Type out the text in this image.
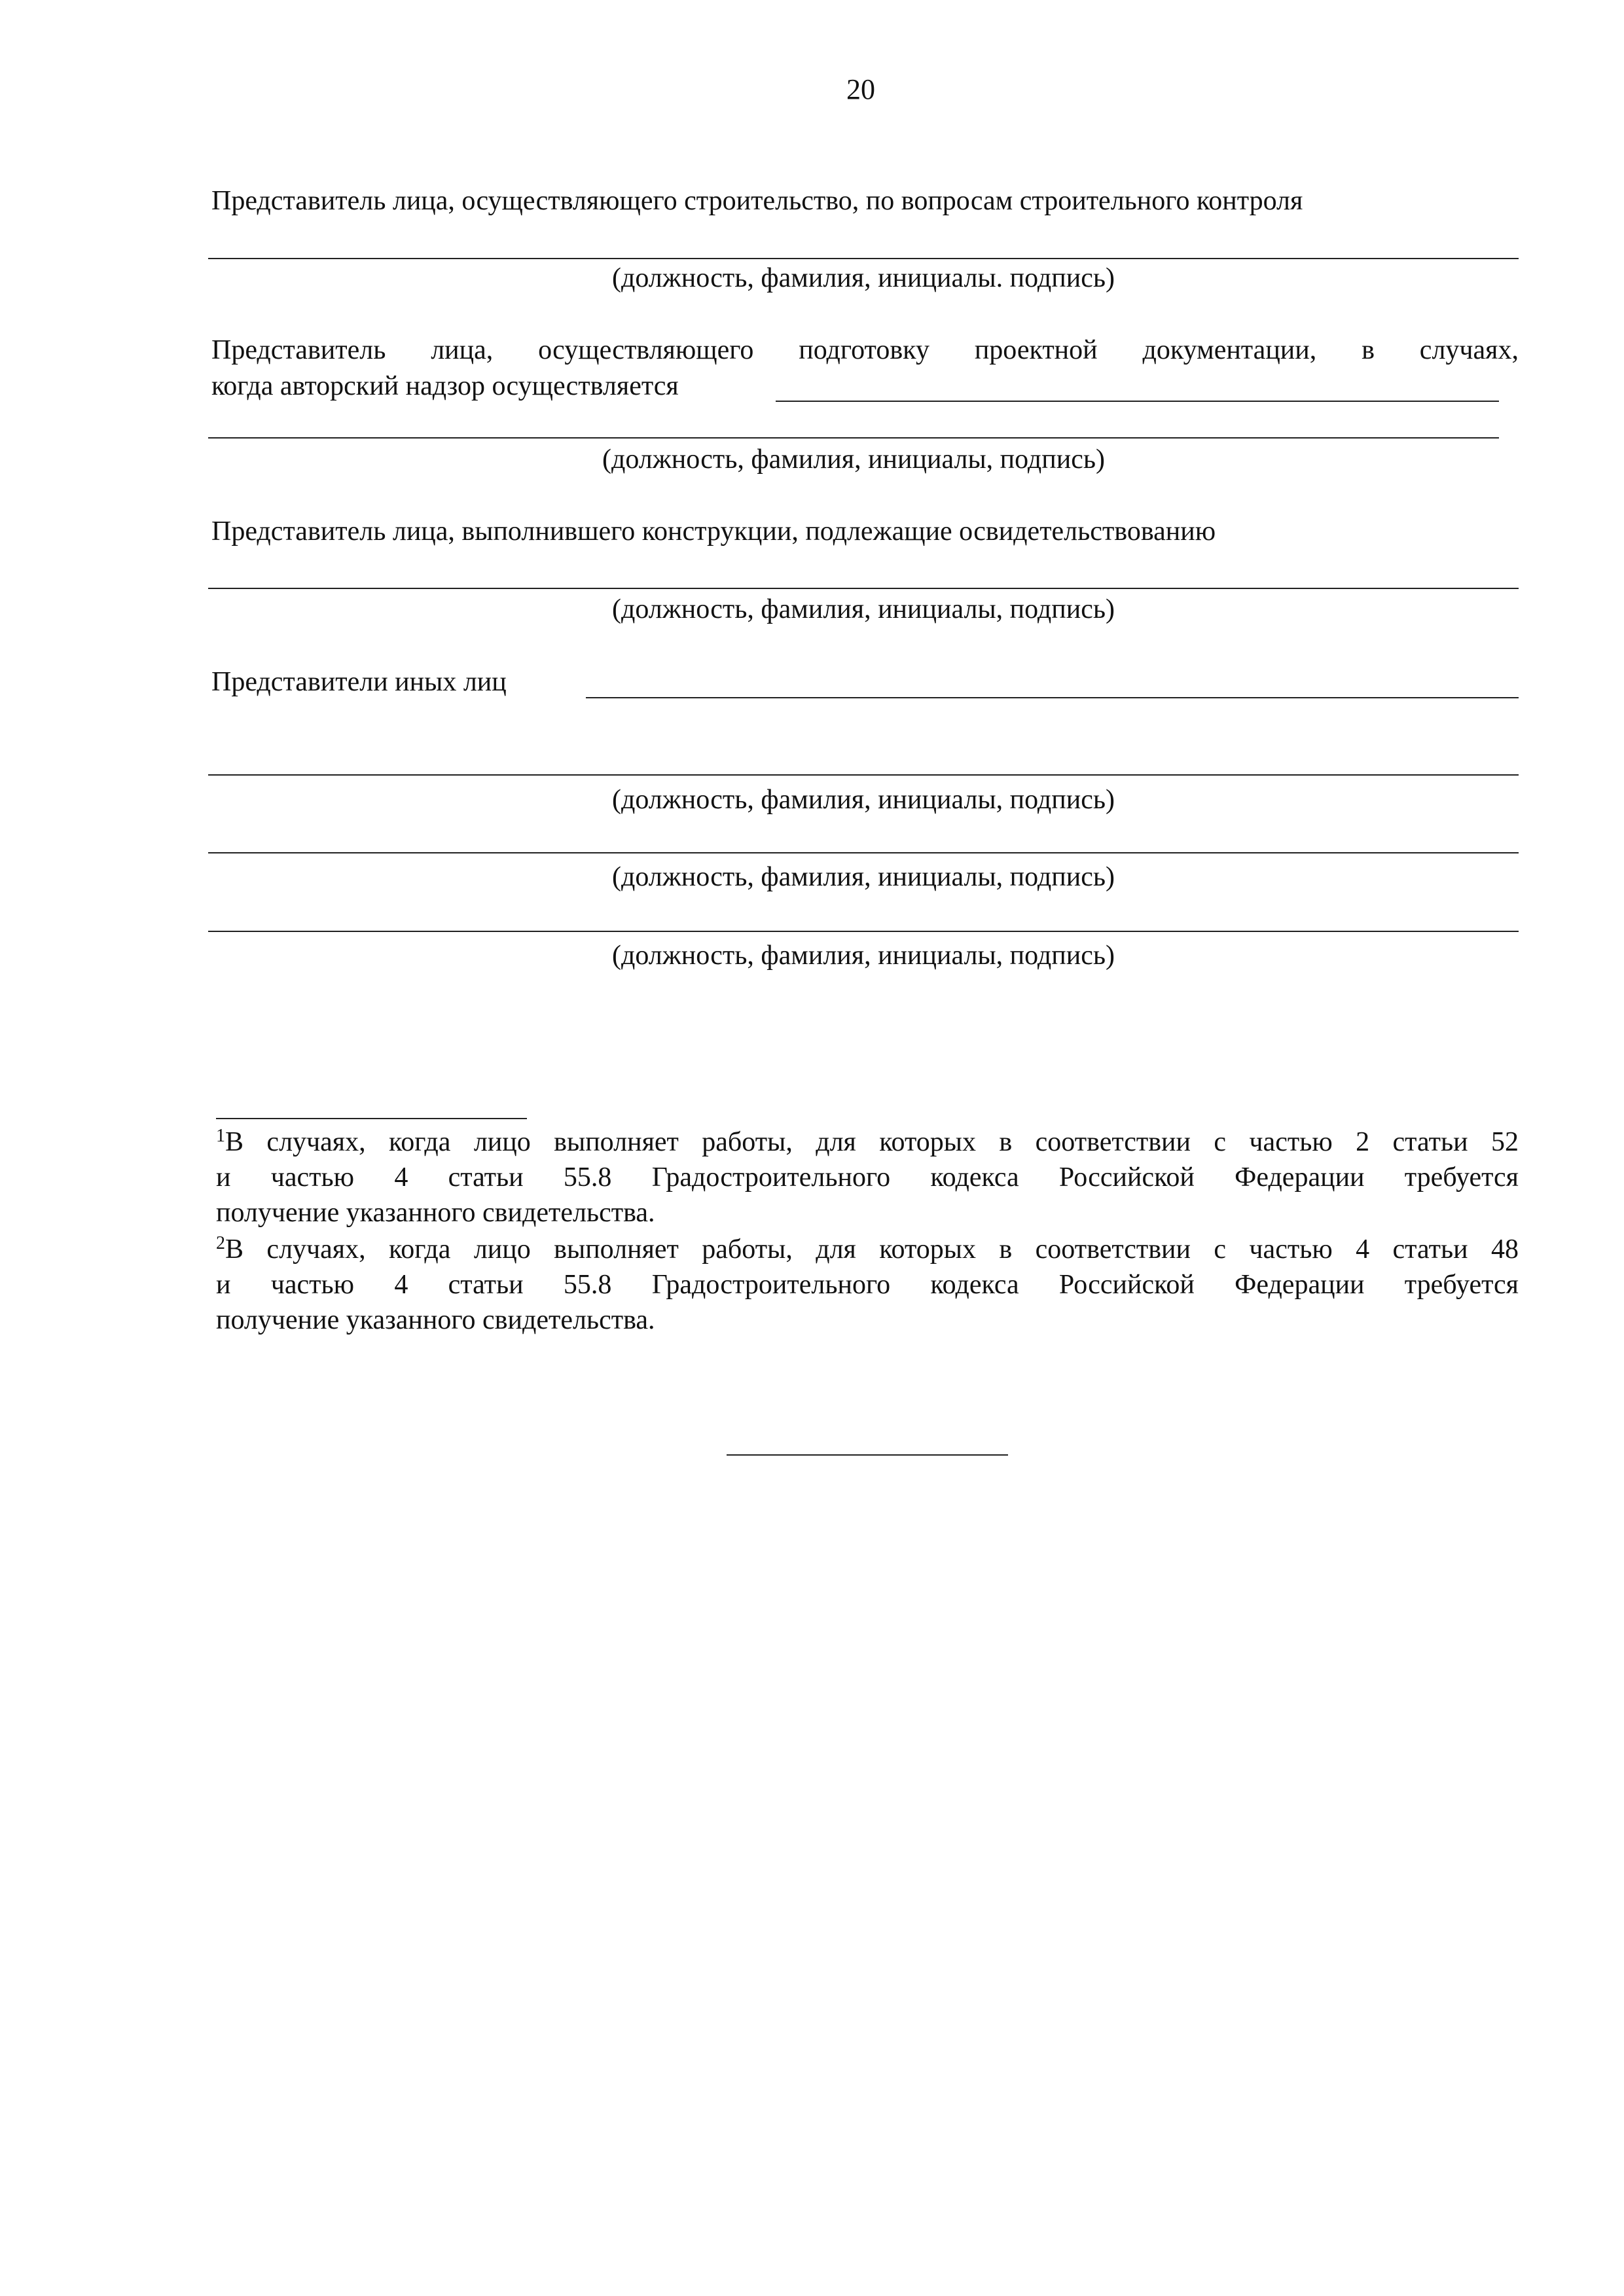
20
Представитель лица, осуществляющего строительство, по вопросам строительного контроля
(должность, фамилия, инициалы. подпись)
Представитель лица, осуществляющего подготовку проектной документации, в случаях,
когда авторский надзор осуществляется
(должность, фамилия, инициалы, подпись)
Представитель лица, выполнившего конструкции, подлежащие освидетельствованию
(должность, фамилия, инициалы, подпись)
Представители иных лиц
(должность, фамилия, инициалы, подпись)
(должность, фамилия, инициалы, подпись)
(должность, фамилия, инициалы, подпись)
$^1$В случаях, когда лицо выполняет работы, для которых в соответствии с частью 2 статьи 52
и частью 4 статьи 55.8 Градостроительного кодекса Российской Федерации требуется
получение указанного свидетельства.
$^2$В случаях, когда лицо выполняет работы, для которых в соответствии с частью 4 статьи 48
и частью 4 статьи 55.8 Градостроительного кодекса Российской Федерации требуется
получение указанного свидетельства.
